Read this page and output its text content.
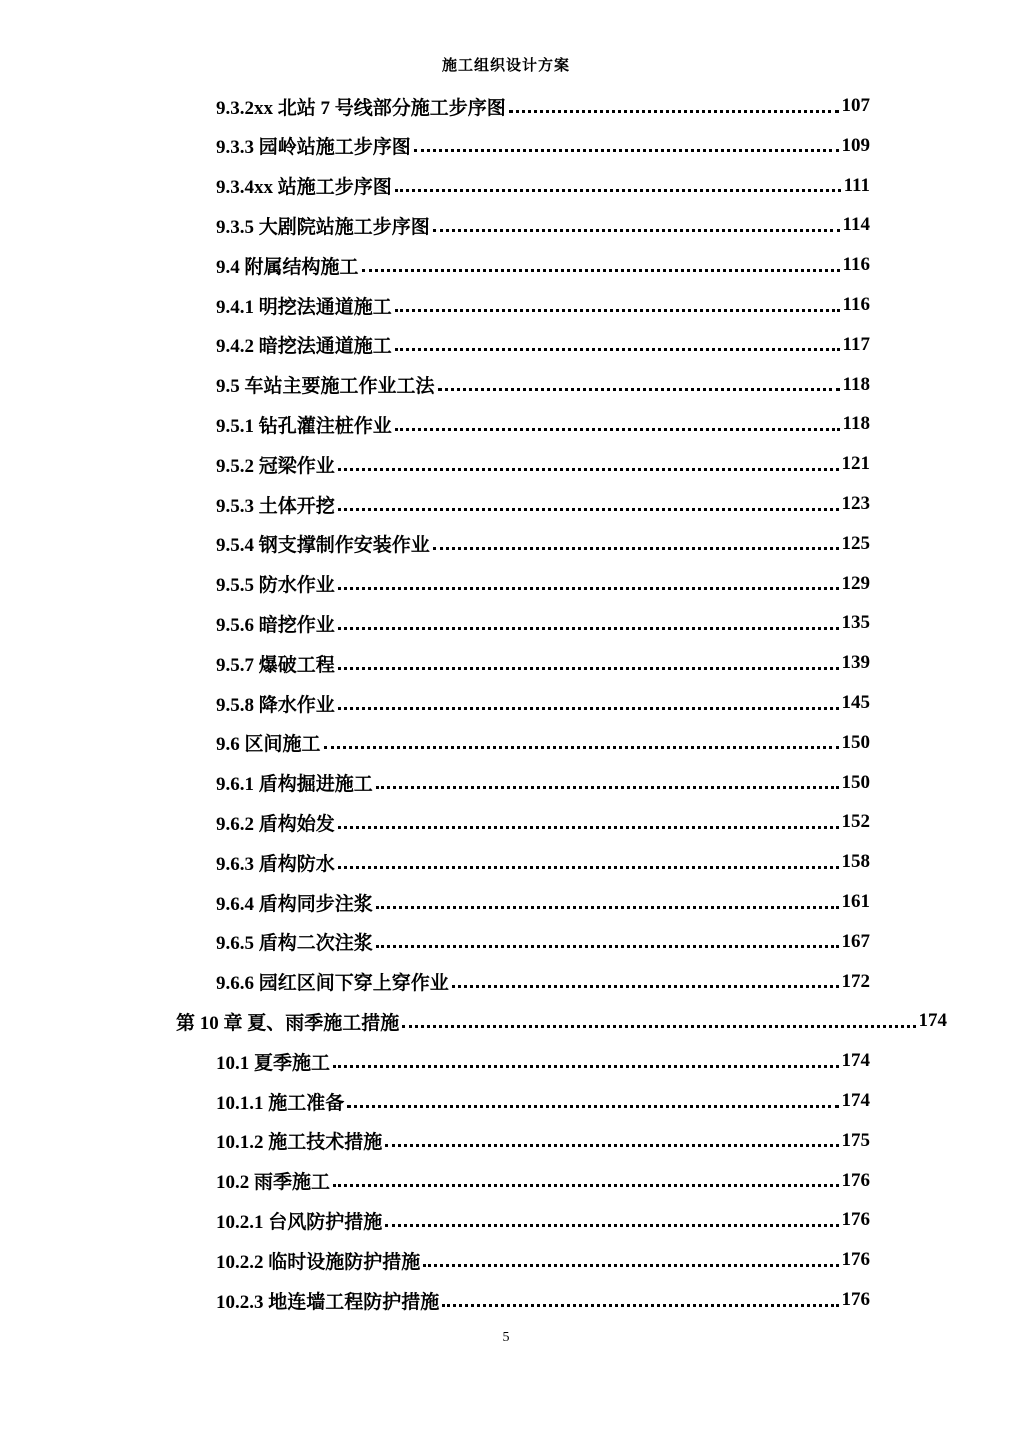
施工组织设计方案
9.3.2xx 北站 7 号线部分施工步序图	107
9.3.3 园岭站施工步序图	109
9.3.4xx 站施工步序图	111
9.3.5 大剧院站施工步序图	114
9.4 附属结构施工	116
9.4.1 明挖法通道施工	116
9.4.2 暗挖法通道施工	117
9.5 车站主要施工作业工法	118
9.5.1 钻孔灌注桩作业	118
9.5.2 冠梁作业	121
9.5.3 土体开挖	123
9.5.4 钢支撑制作安装作业	125
9.5.5 防水作业	129
9.5.6 暗挖作业	135
9.5.7 爆破工程	139
9.5.8 降水作业	145
9.6 区间施工	150
9.6.1 盾构掘进施工	150
9.6.2 盾构始发	152
9.6.3 盾构防水	158
9.6.4 盾构同步注浆	161
9.6.5 盾构二次注浆	167
9.6.6 园红区间下穿上穿作业	172
第 10 章 夏、雨季施工措施	174
10.1 夏季施工	174
10.1.1 施工准备	174
10.1.2 施工技术措施	175
10.2 雨季施工	176
10.2.1 台风防护措施	176
10.2.2 临时设施防护措施	176
10.2.3 地连墙工程防护措施	176
5
